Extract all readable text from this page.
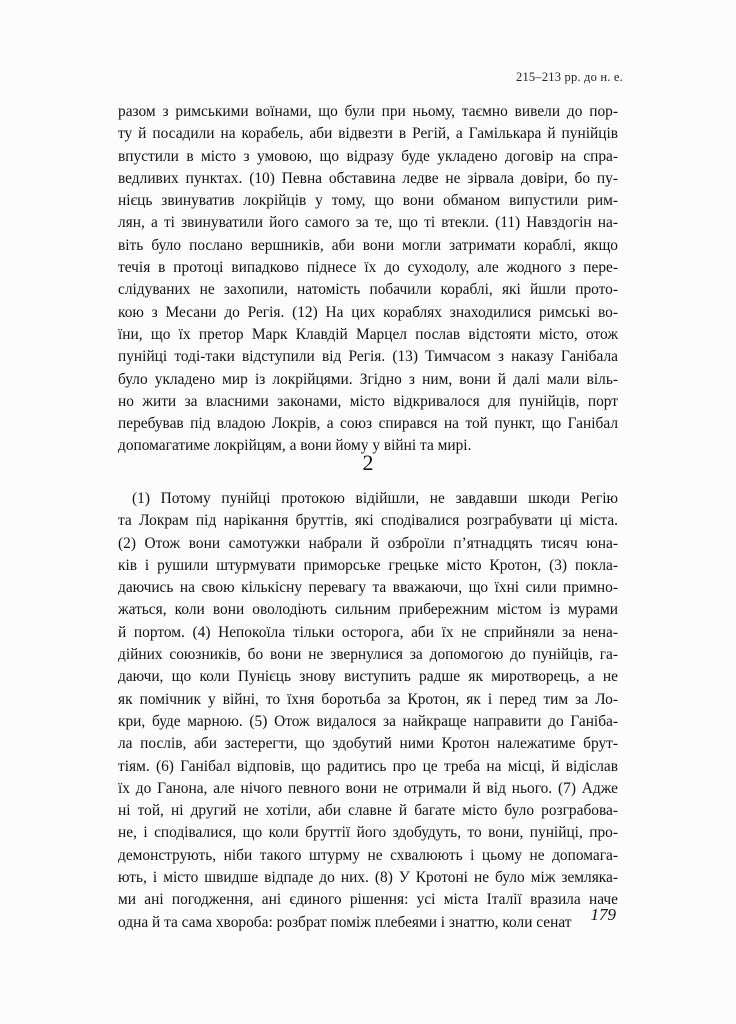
215–213 рр. до н. е.
разом з римськими воїнами, що були при ньому, таємно вивели до пор-
ту й посадили на корабель, аби відвезти в Регій, а Гамількара й пунійців
впустили в місто з умовою, що відразу буде укладено договір на спра-
ведливих пунктах. (10) Певна обставина ледве не зірвала довіри, бо пу-
нієць звинуватив локрійців у тому, що вони обманом випустили рим-
лян, а ті звинуватили його самого за те, що ті втекли. (11) Навздогін на-
віть було послано вершників, аби вони могли затримати кораблі, якщо
течія в протоці випадково піднесе їх до суходолу, але жодного з пере-
слідуваних не захопили, натомість побачили кораблі, які йшли прото-
кою з Месани до Регія. (12) На цих кораблях знаходилися римські во-
їни, що їх претор Марк Клавдій Марцел послав відстояти місто, отож
пунійці тоді-таки відступили від Регія. (13) Тимчасом з наказу Ганібала
було укладено мир із локрійцями. Згідно з ним, вони й далі мали віль-
но жити за власними законами, місто відкривалося для пунійців, порт
перебував під владою Локрів, а союз спирався на той пункт, що Ганібал
допомагатиме локрійцям, а вони йому у війні та мирі.
2
(1) Потому пунійці протокою відійшли, не завдавши шкоди Регію
та Локрам під нарікання бруттів, які сподівалися розграбувати ці міста.
(2) Отож вони самотужки набрали й озброїли п’ятнадцять тисяч юна-
ків і рушили штурмувати приморське грецьке місто Кротон, (3) покла-
даючись на свою кількісну перевагу та вважаючи, що їхні сили примно-
жаться, коли вони оволодіють сильним прибережним містом із мурами
й портом. (4) Непокоїла тільки осторога, аби їх не сприйняли за нена-
дійних союзників, бо вони не звернулися за допомогою до пунійців, га-
даючи, що коли Пунієць знову виступить радше як миротворець, а не
як помічник у війні, то їхня боротьба за Кротон, як і перед тим за Ло-
кри, буде марною. (5) Отож видалося за найкраще направити до Ганіба-
ла послів, аби застерегти, що здобутий ними Кротон належатиме брут-
тіям. (6) Ганібал відповів, що радитись про це треба на місці, й відіслав
їх до Ганона, але нічого певного вони не отримали й від нього. (7) Адже
ні той, ні другий не хотіли, аби славне й багате місто було розграбова-
не, і сподівалися, що коли бруттії його здобудуть, то вони, пунійці, про-
демонструють, ніби такого штурму не схвалюють і цьому не допомага-
ють, і місто швидше відпаде до них. (8) У Кротоні не було між земляка-
ми ані погодження, ані єдиного рішення: усі міста Італії вразила наче
одна й та сама хвороба: розбрат поміж плебеями і знаттю, коли сенат	179
